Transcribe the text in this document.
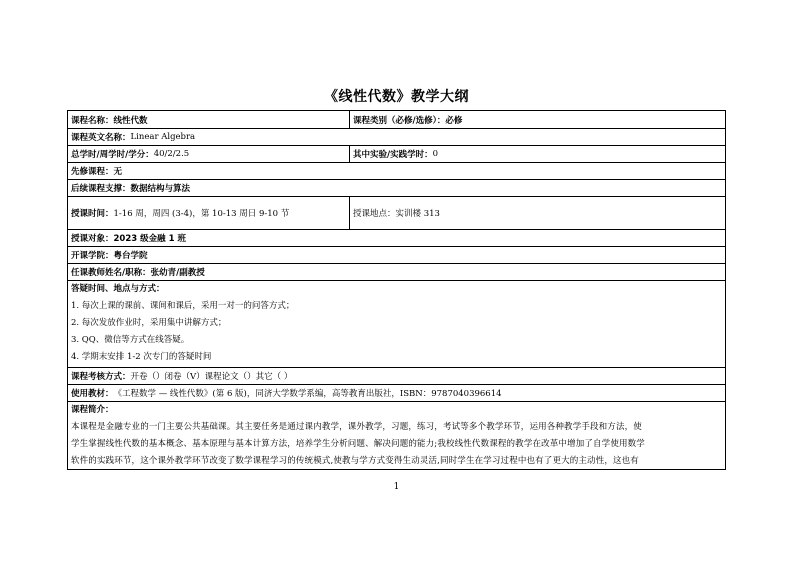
《线性代数》教学大纲
课程名称： 线性代数	课程类别（必修/选修）： 必修
课程英文名称： Linear Algebra
总学时/周学时/学分： 40/2/2.5	其中实验/实践学时： 0
先修课程： 无
后续课程支撑： 数据结构与算法
授课时间： 1-16 周，周四 (3-4)，第 10-13 周日 9-10 节	授课地点： 实训楼 313
授课对象： 2023 级金融 1 班
开课学院： 粤台学院
任课教师姓名/职称： 张幼青/副教授
答疑时间、地点与方式：
1. 每次上课的课前、课间和课后，采用一对一的问答方式；
2. 每次发放作业时，采用集中讲解方式；
3. QQ、微信等方式在线答疑。
4. 学期末安排 1-2 次专门的答疑时间
课程考核方式： 开卷（）闭卷（V）课程论文（）其它（ ）
使用教材： 《工程数学 — 线性代数》(第 6 版)，同济大学数学系编，高等教育出版社，ISBN：9787040396614
课程简介：
本课程是金融专业的一门主要公共基础课。其主要任务是通过课内教学，课外教学，习题，练习，考试等多个教学环节，运用各种教学手段和方法，使
学生掌握线性代数的基本概念、基本原理与基本计算方法，培养学生分析问题、解决问题的能力;我校线性代数课程的教学在改革中增加了自学使用数学
软件的实践环节，这个课外教学环节改变了数学课程学习的传统模式,使教与学方式变得生动灵活,同时学生在学习过程中也有了更大的主动性，这也有
1
